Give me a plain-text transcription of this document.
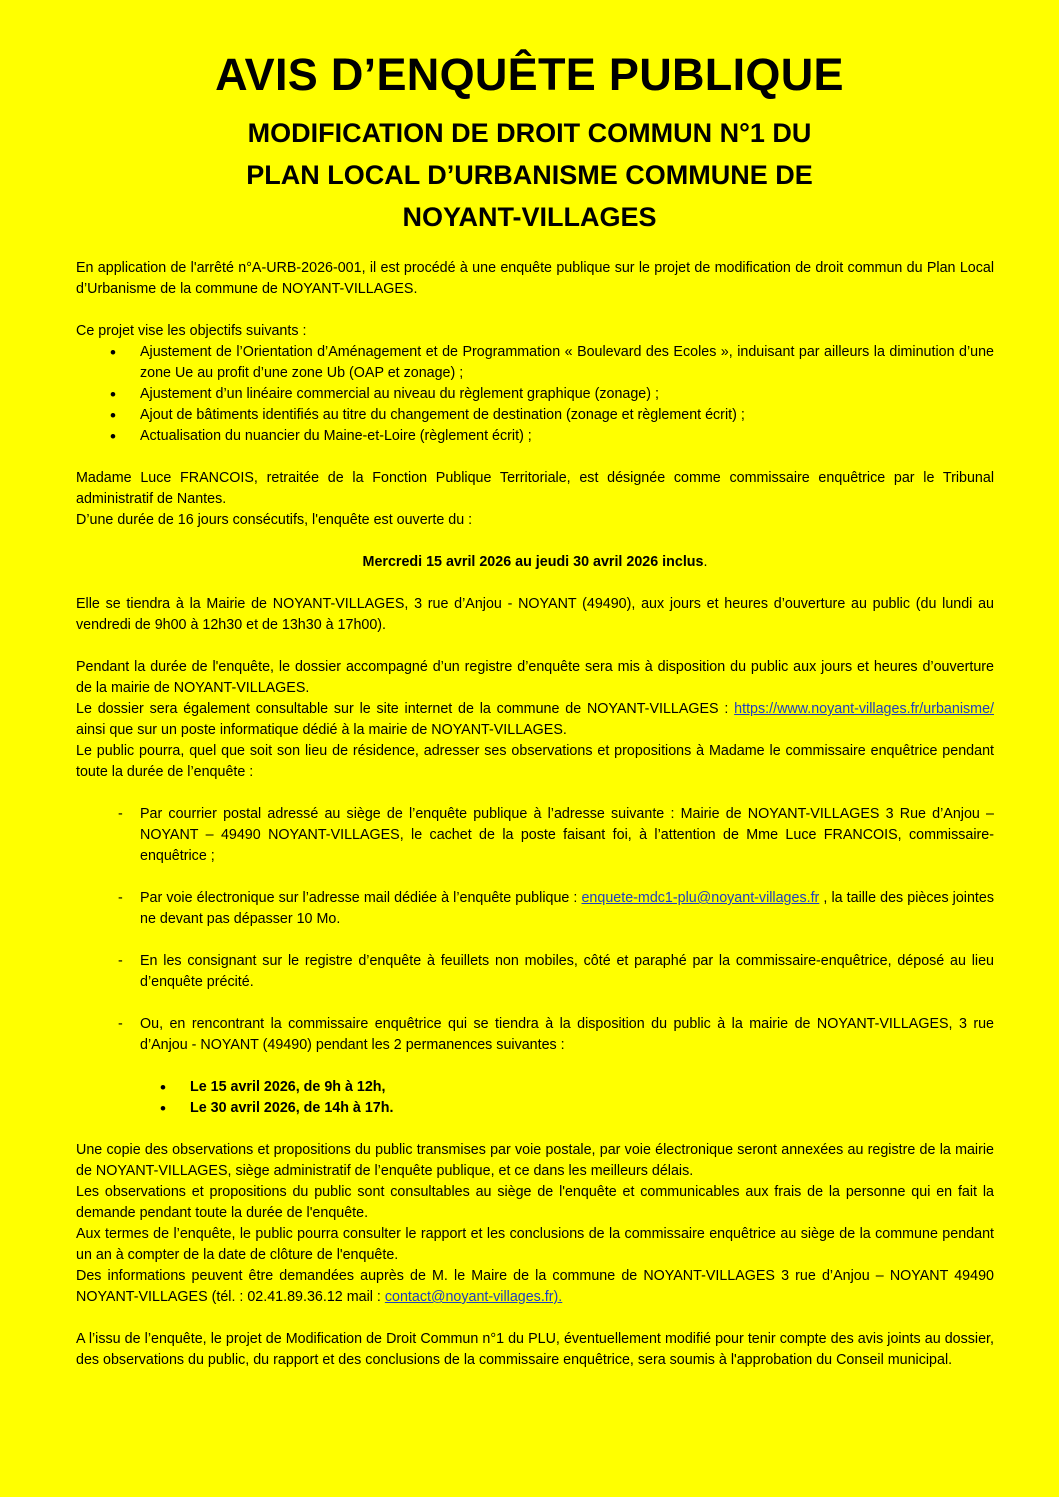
AVIS D’ENQUÊTE PUBLIQUE
MODIFICATION DE DROIT COMMUN N°1 DU
PLAN LOCAL D’URBANISME COMMUNE DE
NOYANT-VILLAGES

En application de l'arrêté n°A-URB-2026-001, il est procédé à une enquête publique sur le projet de modification de droit commun du Plan Local d’Urbanisme de la commune de NOYANT-VILLAGES.

Ce projet vise les objectifs suivants :

• Ajustement de l’Orientation d’Aménagement et de Programmation « Boulevard des Ecoles », induisant par ailleurs la diminution d’une zone Ue au profit d’une zone Ub (OAP et zonage) ;
• Ajustement d’un linéaire commercial au niveau du règlement graphique (zonage) ;
• Ajout de bâtiments identifiés au titre du changement de destination (zonage et règlement écrit) ;
• Actualisation du nuancier du Maine-et-Loire (règlement écrit) ;

Madame Luce FRANCOIS, retraitée de la Fonction Publique Territoriale, est désignée comme commissaire enquêtrice par le Tribunal administratif de Nantes.

D’une durée de 16 jours consécutifs, l'enquête est ouverte du :

Mercredi 15 avril 2026 au jeudi 30 avril 2026 inclus.

Elle se tiendra à la Mairie de NOYANT-VILLAGES, 3 rue d’Anjou - NOYANT (49490), aux jours et heures d’ouverture au public (du lundi au vendredi de 9h00 à 12h30 et de 13h30 à 17h00).

Pendant la durée de l'enquête, le dossier accompagné d’un registre d’enquête sera mis à disposition du public aux jours et heures d’ouverture de la mairie de NOYANT-VILLAGES.

Le dossier sera également consultable sur le site internet de la commune de NOYANT-VILLAGES : https://www.noyant-villages.fr/urbanisme/ ainsi que sur un poste informatique dédié à la mairie de NOYANT-VILLAGES.

Le public pourra, quel que soit son lieu de résidence, adresser ses observations et propositions à Madame le commissaire enquêtrice pendant toute la durée de l’enquête :

- Par courrier postal adressé au siège de l’enquête publique à l’adresse suivante : Mairie de NOYANT-VILLAGES 3 Rue d’Anjou – NOYANT – 49490 NOYANT-VILLAGES, le cachet de la poste faisant foi, à l’attention de Mme Luce FRANCOIS, commissaire-enquêtrice ;
- Par voie électronique sur l’adresse mail dédiée à l’enquête publique : enquete-mdc1-plu@noyant-villages.fr , la taille des pièces jointes ne devant pas dépasser 10 Mo.
- En les consignant sur le registre d’enquête à feuillets non mobiles, côté et paraphé par la commissaire-enquêtrice, déposé au lieu d’enquête précité.
- Ou, en rencontrant la commissaire enquêtrice qui se tiendra à la disposition du public à la mairie de NOYANT-VILLAGES, 3 rue d’Anjou - NOYANT (49490) pendant les 2 permanences suivantes :
• Le 15 avril 2026, de 9h à 12h,
• Le 30 avril 2026, de 14h à 17h.

Une copie des observations et propositions du public transmises par voie postale, par voie électronique seront annexées au registre de la mairie de NOYANT-VILLAGES, siège administratif de l’enquête publique, et ce dans les meilleurs délais.

Les observations et propositions du public sont consultables au siège de l'enquête et communicables aux frais de la personne qui en fait la demande pendant toute la durée de l'enquête.

Aux termes de l’enquête, le public pourra consulter le rapport et les conclusions de la commissaire enquêtrice au siège de la commune pendant un an à compter de la date de clôture de l'enquête.

Des informations peuvent être demandées auprès de M. le Maire de la commune de NOYANT-VILLAGES 3 rue d’Anjou – NOYANT 49490 NOYANT-VILLAGES (tél. : 02.41.89.36.12 mail : contact@noyant-villages.fr).

A l’issu de l’enquête, le projet de Modification de Droit Commun n°1 du PLU, éventuellement modifié pour tenir compte des avis joints au dossier, des observations du public, du rapport et des conclusions de la commissaire enquêtrice, sera soumis à l'approbation du Conseil municipal.
